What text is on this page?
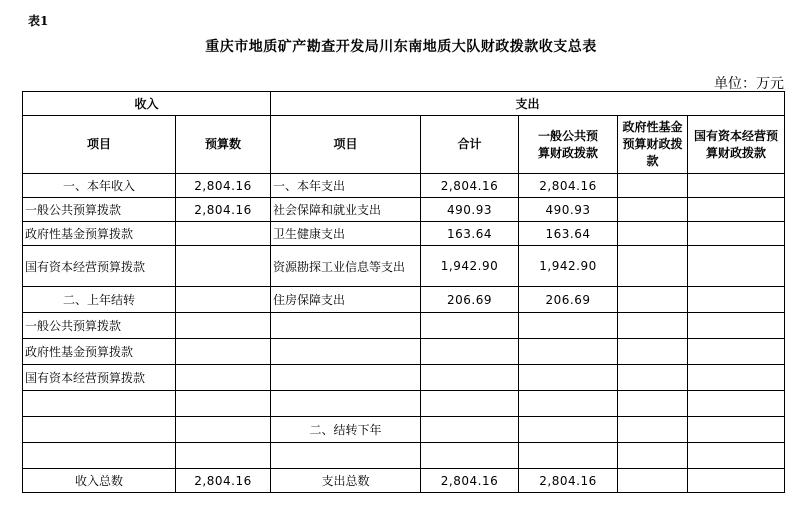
表1
重庆市地质矿产勘查开发局川东南地质大队财政拨款收支总表
单位：万元
收入		支出				
项目	预算数	项目	合计	一般公共预算财政拨款	政府性基金预算财政拨款	国有资本经营预算财政拨款
一、本年收入	2,804.16	一、本年支出	2,804.16	2,804.16		
一般公共预算拨款	2,804.16	社会保障和就业支出	490.93	490.93		
政府性基金预算拨款		卫生健康支出	163.64	163.64		
国有资本经营预算拨款		资源勘探工业信息等支出	1,942.90	1,942.90		
二、上年结转		住房保障支出	206.69	206.69		
一般公共预算拨款						
政府性基金预算拨款						
国有资本经营预算拨款						

		二、结转下年				

收入总数	2,804.16	支出总数	2,804.16	2,804.16		
